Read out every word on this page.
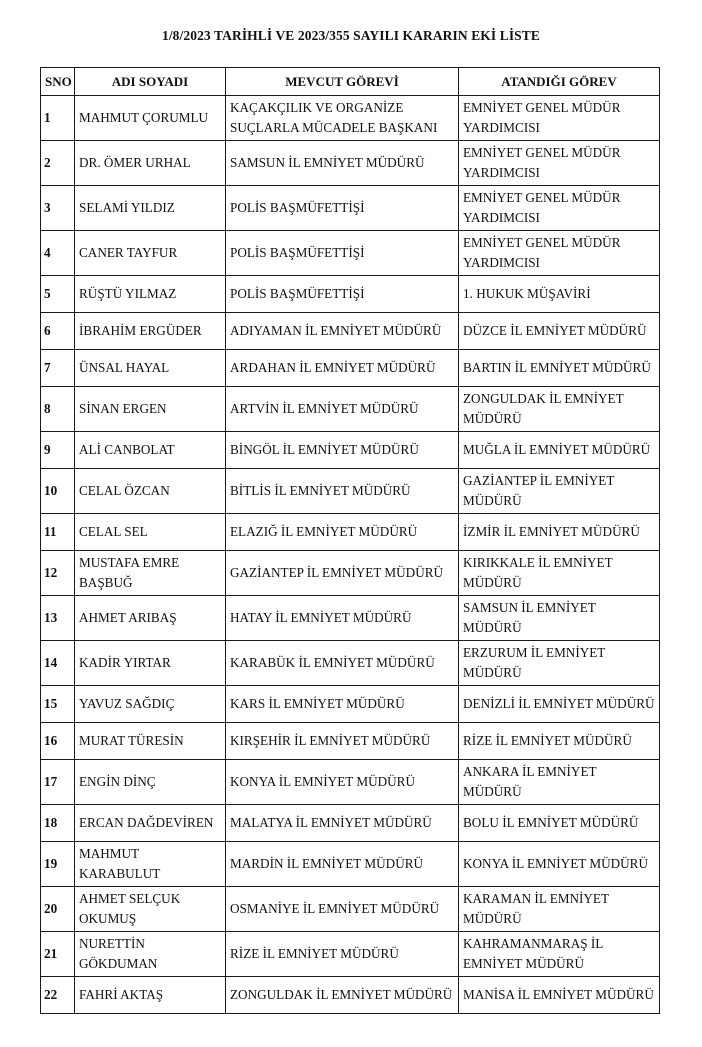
1/8/2023 TARİHLİ VE 2023/355 SAYILI KARARIN EKİ LİSTE
SNO	ADI SOYADI	MEVCUT GÖREVİ	ATANDIĞI GÖREV

1	MAHMUT ÇORUMLU	KAÇAKÇILIK VE ORGANİZE
SUÇLARLA MÜCADELE BAŞKANI	EMNİYET GENEL MÜDÜR
YARDIMCISI

2	DR. ÖMER URHAL	SAMSUN İL EMNİYET MÜDÜRÜ	EMNİYET GENEL MÜDÜR
YARDIMCISI

3	SELAMİ YILDIZ	POLİS BAŞMÜFETTİŞİ	EMNİYET GENEL MÜDÜR
YARDIMCISI

4	CANER TAYFUR	POLİS BAŞMÜFETTİŞİ	EMNİYET GENEL MÜDÜR
YARDIMCISI

5	RÜŞTÜ YILMAZ	POLİS BAŞMÜFETTİŞİ	1. HUKUK MÜŞAVİRİ

6	İBRAHİM ERGÜDER	ADIYAMAN İL EMNİYET MÜDÜRÜ	DÜZCE İL EMNİYET MÜDÜRÜ

7	ÜNSAL HAYAL	ARDAHAN İL EMNİYET MÜDÜRÜ	BARTIN İL EMNİYET MÜDÜRÜ

8	SİNAN ERGEN	ARTVİN İL EMNİYET MÜDÜRÜ	ZONGULDAK İL EMNİYET
MÜDÜRÜ

9	ALİ CANBOLAT	BİNGÖL İL EMNİYET MÜDÜRÜ	MUĞLA İL EMNİYET MÜDÜRÜ

10	CELAL ÖZCAN	BİTLİS İL EMNİYET MÜDÜRÜ	GAZİANTEP İL EMNİYET
MÜDÜRÜ

11	CELAL SEL	ELAZIĞ İL EMNİYET MÜDÜRÜ	İZMİR İL EMNİYET MÜDÜRÜ

12	MUSTAFA EMRE
BAŞBUĞ	GAZİANTEP İL EMNİYET MÜDÜRÜ	KIRIKKALE İL EMNİYET
MÜDÜRÜ

13	AHMET ARIBAŞ	HATAY İL EMNİYET MÜDÜRÜ	SAMSUN İL EMNİYET
MÜDÜRÜ

14	KADİR YIRTAR	KARABÜK İL EMNİYET MÜDÜRÜ	ERZURUM İL EMNİYET
MÜDÜRÜ

15	YAVUZ SAĞDIÇ	KARS İL EMNİYET MÜDÜRÜ	DENİZLİ İL EMNİYET MÜDÜRÜ

16	MURAT TÜRESİN	KIRŞEHİR İL EMNİYET MÜDÜRÜ	RİZE İL EMNİYET MÜDÜRÜ

17	ENGİN DİNÇ	KONYA İL EMNİYET MÜDÜRÜ	ANKARA İL EMNİYET
MÜDÜRÜ

18	ERCAN DAĞDEVİREN	MALATYA İL EMNİYET MÜDÜRÜ	BOLU İL EMNİYET MÜDÜRÜ

19	MAHMUT
KARABULUT	MARDİN İL EMNİYET MÜDÜRÜ	KONYA İL EMNİYET MÜDÜRÜ

20	AHMET SELÇUK
OKUMUŞ	OSMANİYE İL EMNİYET MÜDÜRÜ	KARAMAN İL EMNİYET
MÜDÜRÜ

21	NURETTİN
GÖKDUMAN	RİZE İL EMNİYET MÜDÜRÜ	KAHRAMANMARAŞ İL
EMNİYET MÜDÜRÜ

22	FAHRİ AKTAŞ	ZONGULDAK İL EMNİYET MÜDÜRÜ	MANİSA İL EMNİYET MÜDÜRÜ
